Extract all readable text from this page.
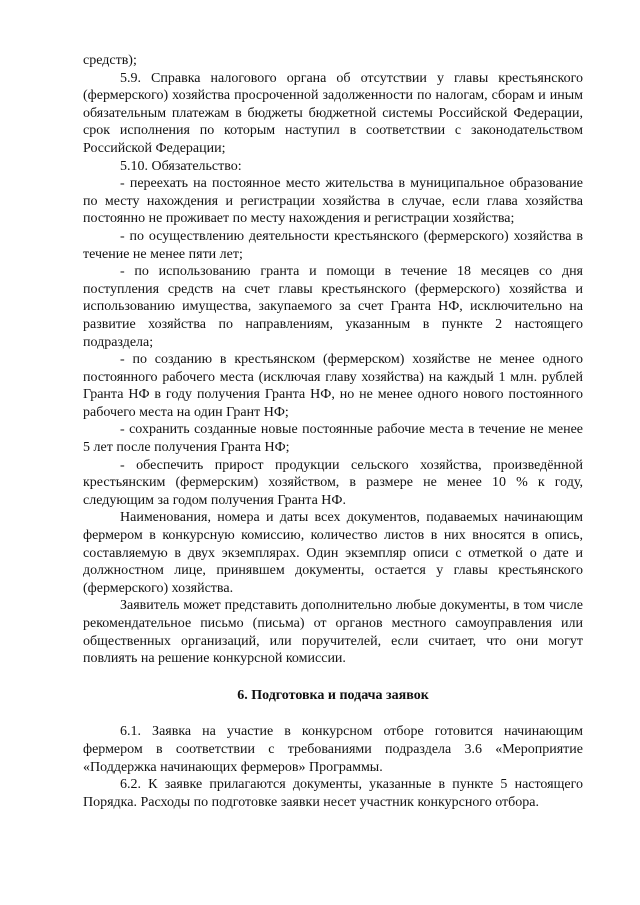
средств);

5.9. Справка налогового органа об отсутствии у главы крестьянского (фермерского) хозяйства просроченной задолженности по налогам, сборам и иным обязательным платежам в бюджеты бюджетной системы Российской Федерации, срок исполнения по которым наступил в соответствии с законодательством Российской Федерации;

5.10. Обязательство:

- переехать на постоянное место жительства в муниципальное образование по месту нахождения и регистрации хозяйства в случае, если глава хозяйства постоянно не проживает по месту нахождения и регистрации хозяйства;

- по осуществлению деятельности крестьянского (фермерского) хозяйства в течение не менее пяти лет;

- по использованию гранта и помощи в течение 18 месяцев со дня поступления средств на счет главы крестьянского (фермерского) хозяйства и использованию имущества, закупаемого за счет Гранта НФ, исключительно на развитие хозяйства по направлениям, указанным в пункте 2 настоящего подраздела;

- по созданию в крестьянском (фермерском) хозяйстве не менее одного постоянного рабочего места (исключая главу хозяйства) на каждый 1 млн. рублей Гранта НФ в году получения Гранта НФ, но не менее одного нового постоянного рабочего места на один Грант НФ;

- сохранить созданные новые постоянные рабочие места в течение не менее 5 лет после получения Гранта НФ;

- обеспечить прирост продукции сельского хозяйства, произведённой крестьянским (фермерским) хозяйством, в размере не менее 10 % к году, следующим за годом получения Гранта НФ.

Наименования, номера и даты всех документов, подаваемых начинающим фермером в конкурсную комиссию, количество листов в них вносятся в опись, составляемую в двух экземплярах. Один экземпляр описи с отметкой о дате и должностном лице, принявшем документы, остается у главы крестьянского (фермерского) хозяйства.

Заявитель может представить дополнительно любые документы, в том числе рекомендательное письмо (письма) от органов местного самоуправления или общественных организаций, или поручителей, если считает, что они могут повлиять на решение конкурсной комиссии.

6. Подготовка и подача заявок

6.1. Заявка на участие в конкурсном отборе готовится начинающим фермером в соответствии с требованиями подраздела 3.6 «Мероприятие «Поддержка начинающих фермеров» Программы.

6.2. К заявке прилагаются документы, указанные в пункте 5 настоящего Порядка. Расходы по подготовке заявки несет участник конкурсного отбора.
